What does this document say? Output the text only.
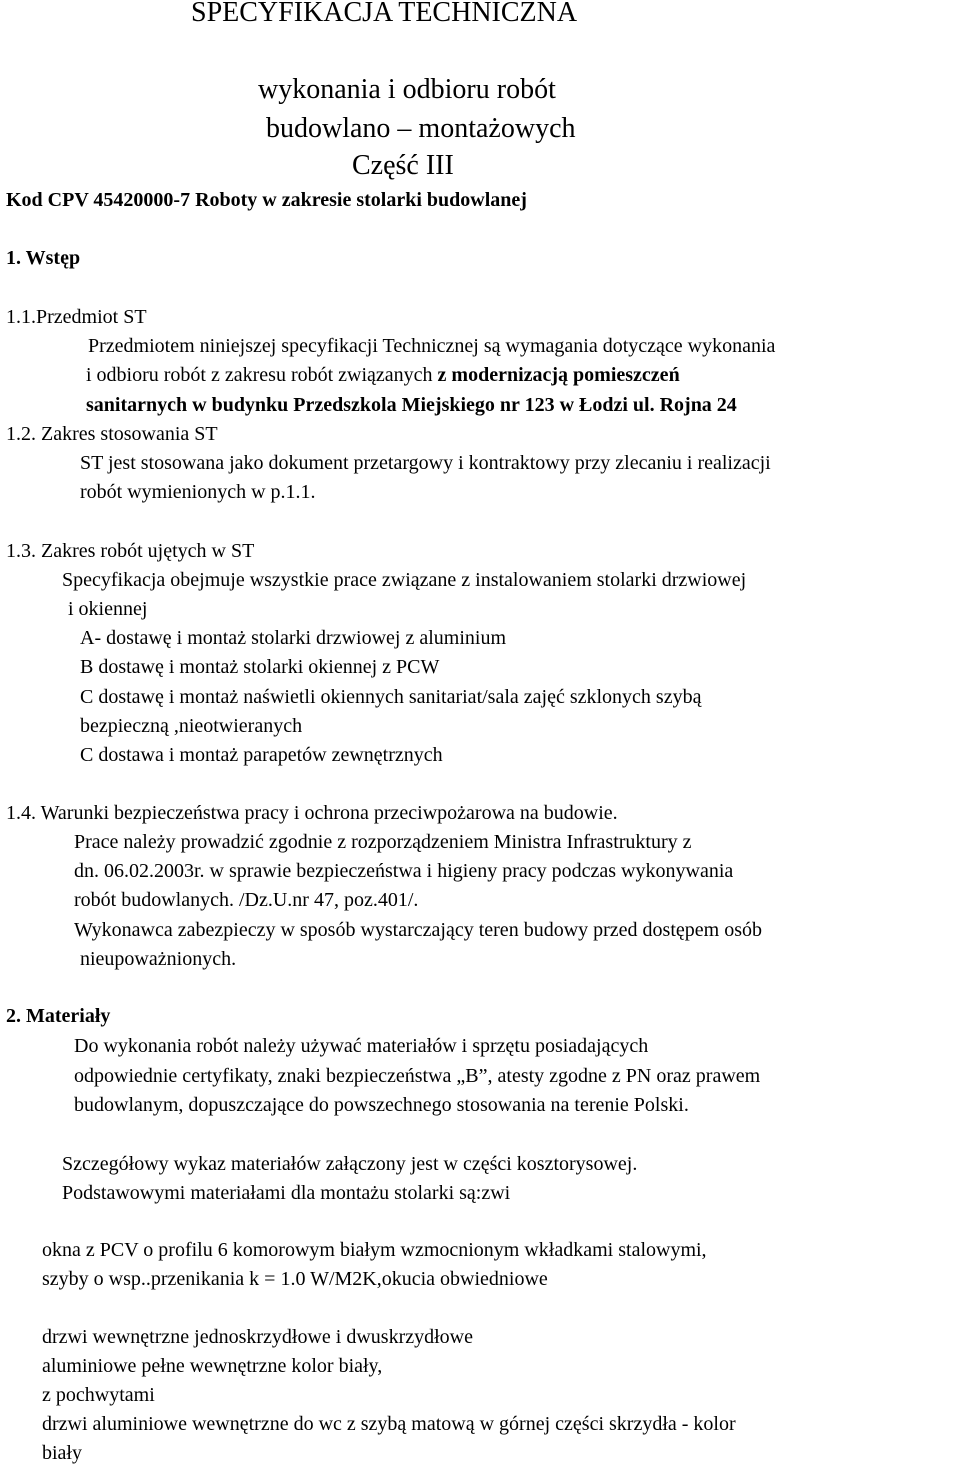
SPECYFIKACJA TECHNICZNA
wykonania i odbioru robót
budowlano – montażowych
Część III
Kod CPV 45420000-7 Roboty w zakresie stolarki budowlanej
1. Wstęp
1.1.Przedmiot ST
Przedmiotem niniejszej specyfikacji Technicznej są wymagania dotyczące wykonania
i odbioru robót z zakresu robót związanych z modernizacją pomieszczeń
sanitarnych w budynku Przedszkola Miejskiego nr 123 w Łodzi ul. Rojna 24
1.2. Zakres stosowania ST
ST jest stosowana jako dokument przetargowy i kontraktowy przy zlecaniu i realizacji
robót wymienionych w p.1.1.
1.3. Zakres robót ujętych w ST
Specyfikacja obejmuje wszystkie prace związane z instalowaniem stolarki drzwiowej
i okiennej
A- dostawę i montaż stolarki drzwiowej z aluminium
B dostawę i montaż stolarki okiennej z PCW
C dostawę i montaż naświetli okiennych sanitariat/sala zajęć szklonych szybą
bezpieczną ,nieotwieranych
C dostawa i montaż parapetów zewnętrznych
1.4. Warunki bezpieczeństwa pracy i ochrona przeciwpożarowa na budowie.
Prace należy prowadzić zgodnie z rozporządzeniem Ministra Infrastruktury z
dn. 06.02.2003r. w sprawie bezpieczeństwa i higieny pracy podczas wykonywania
robót budowlanych. /Dz.U.nr 47, poz.401/.
Wykonawca zabezpieczy w sposób wystarczający teren budowy przed dostępem osób
nieupoważnionych.
2. Materiały
Do wykonania robót należy używać materiałów i sprzętu posiadających
odpowiednie certyfikaty, znaki bezpieczeństwa „B”, atesty zgodne z PN oraz prawem
budowlanym, dopuszczające do powszechnego stosowania na terenie Polski.
Szczegółowy wykaz materiałów załączony jest w części kosztorysowej.
Podstawowymi materiałami dla montażu stolarki są:zwi
okna z PCV o profilu 6 komorowym białym wzmocnionym wkładkami stalowymi,
szyby o wsp..przenikania k = 1.0 W/M2K,okucia obwiedniowe
drzwi wewnętrzne jednoskrzydłowe i dwuskrzydłowe
aluminiowe pełne wewnętrzne kolor biały,
z pochwytami
drzwi aluminiowe wewnętrzne do wc z szybą matową w górnej części skrzydła - kolor
biały
